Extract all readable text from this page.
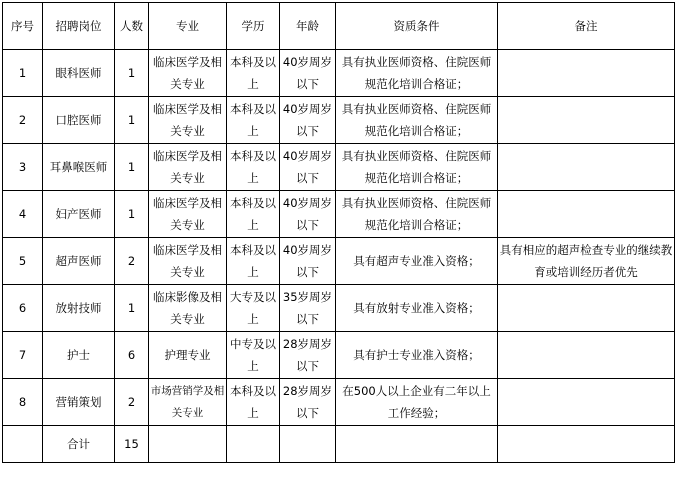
序号	招聘岗位	人数	专业	学历	年龄	资质条件	备注
1	眼科医师	1	临床医学及相关专业	本科及以上	40岁周岁以下	具有执业医师资格、住院医师规范化培训合格证；	
2	口腔医师	1	临床医学及相关专业	本科及以上	40岁周岁以下	具有执业医师资格、住院医师规范化培训合格证；	
3	耳鼻喉医师	1	临床医学及相关专业	本科及以上	40岁周岁以下	具有执业医师资格、住院医师规范化培训合格证；	
4	妇产医师	1	临床医学及相关专业	本科及以上	40岁周岁以下	具有执业医师资格、住院医师规范化培训合格证；	
5	超声医师	2	临床医学及相关专业	本科及以上	40岁周岁以下	具有超声专业准入资格；	具有相应的超声检查专业的继续教育或培训经历者优先
6	放射技师	1	临床影像及相关专业	大专及以上	35岁周岁以下	具有放射专业准入资格；	
7	护士	6	护理专业	中专及以上	28岁周岁以下	具有护士专业准入资格；	
8	营销策划	2	市场营销学及相关专业	本科及以上	28岁周岁以下	在500人以上企业有二年以上工作经验；	
	合计	15					
